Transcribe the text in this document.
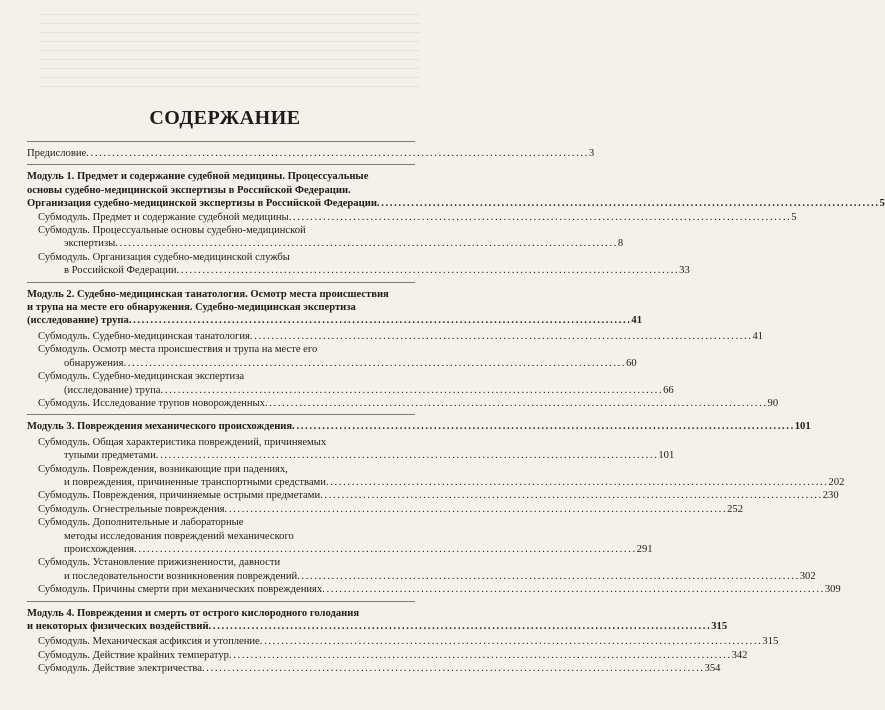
СОДЕРЖАНИЕ
Предисловие . . .	3
Модуль 1. Предмет и содержание судебной медицины. Процессуальные
основы судебно-медицинской экспертизы в Российской Федерации.
Организация судебно-медицинской экспертизы в Российской Федерации . . .	5
Субмодуль. Предмет и содержание судебной медицины . . .	5
Субмодуль. Процессуальные основы судебно-медицинской
экспертизы . . .	8
Субмодуль. Организация судебно-медицинской службы
в Российской Федерации . . .	33
Модуль 2. Судебно-медицинская танатология. Осмотр места происшествия
и трупа на месте его обнаружения. Судебно-медицинская экспертиза
(исследование) трупа . . .	41
Субмодуль. Судебно-медицинская танатология . . .	41
Субмодуль. Осмотр места происшествия и трупа на месте его
обнаружения . . .	60
Субмодуль. Судебно-медицинская экспертиза
(исследование) трупа . . .	66
Субмодуль. Исследование трупов новорожденных . . .	90
Модуль 3. Повреждения механического происхождения . . .	101
Субмодуль. Общая характеристика повреждений, причиняемых
тупыми предметами . . .	101
Субмодуль. Повреждения, возникающие при падениях,
и повреждения, причиненные транспортными средствами . . .	202
Субмодуль. Повреждения, причиняемые острыми предметами . . .	230
Субмодуль. Огнестрельные повреждения . . .	252
Субмодуль. Дополнительные и лабораторные
методы исследования повреждений механического
происхождения . . .	291
Субмодуль. Установление прижизненности, давности
и последовательности возникновения повреждений . . .	302
Субмодуль. Причины смерти при механических повреждениях . . .	309
Модуль 4. Повреждения и смерть от острого кислородного голодания
и некоторых физических воздействий . . .	315
Субмодуль. Механическая асфиксия и утопление . . .	315
Субмодуль. Действие крайних температур . . .	342
Субмодуль. Действие электричества . . .	354
